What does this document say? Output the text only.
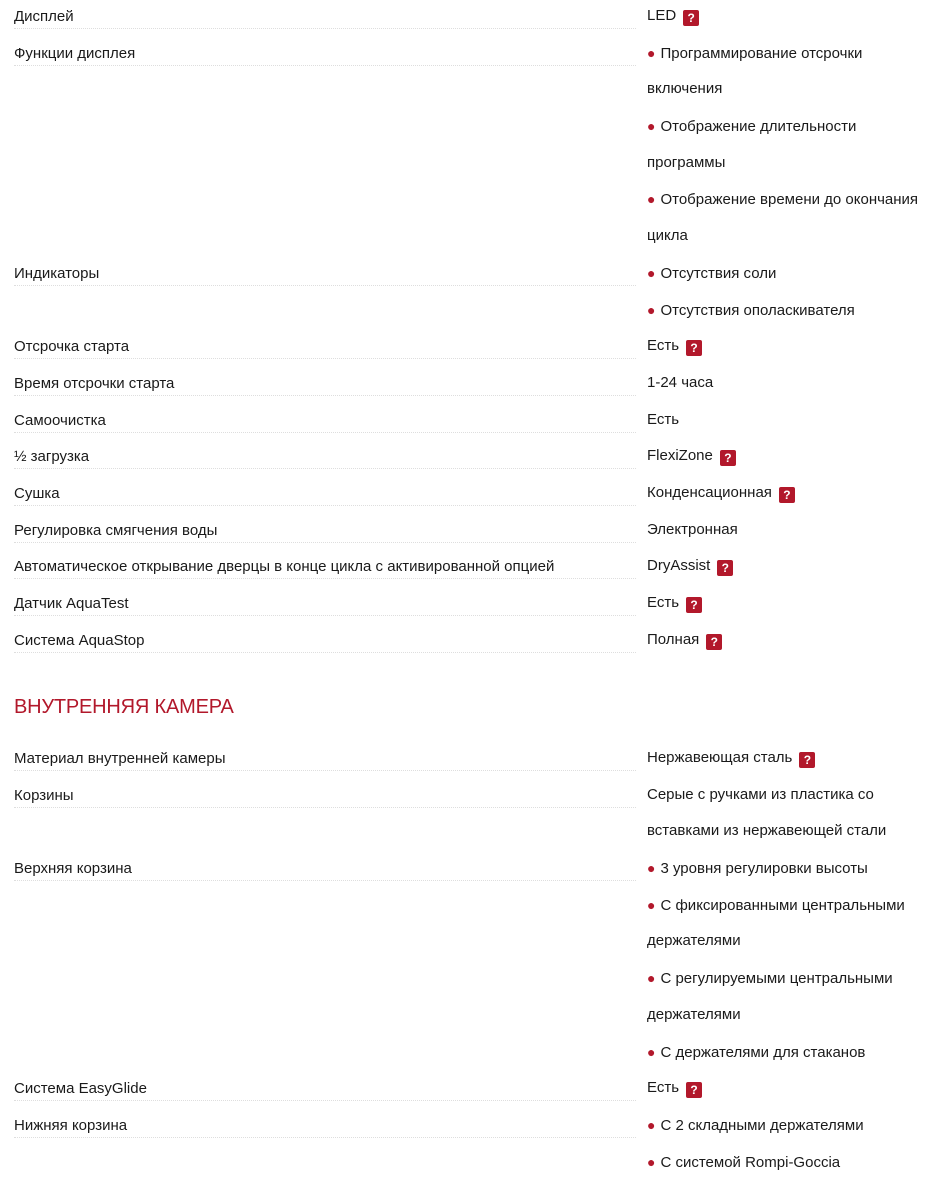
Дисплей	LED ?
Функции дисплея	● Программирование отсрочки
включения
● Отображение длительности
программы
● Отображение времени до окончания
цикла
Индикаторы	● Отсутствия соли
● Отсутствия ополаскивателя
Отсрочка старта	Есть ?
Время отсрочки старта	1-24 часа
Самоочистка	Есть
½ загрузка	FlexiZone ?
Сушка	Конденсационная ?
Регулировка смягчения воды	Электронная
Автоматическое открывание дверцы в конце цикла с активированной опцией	DryAssist ?
Датчик AquaTest	Есть ?
Система AquaStop	Полная ?
ВНУТРЕННЯЯ КАМЕРА
Материал внутренней камеры	Нержавеющая сталь ?
Корзины	Серые с ручками из пластика со
вставками из нержавеющей стали
Верхняя корзина	● 3 уровня регулировки высоты
● С фиксированными центральными
держателями
● С регулируемыми центральными
держателями
● С держателями для стаканов
Система EasyGlide	Есть ?
Нижняя корзина	● С 2 складными держателями
● С системой Rompi-Goccia
